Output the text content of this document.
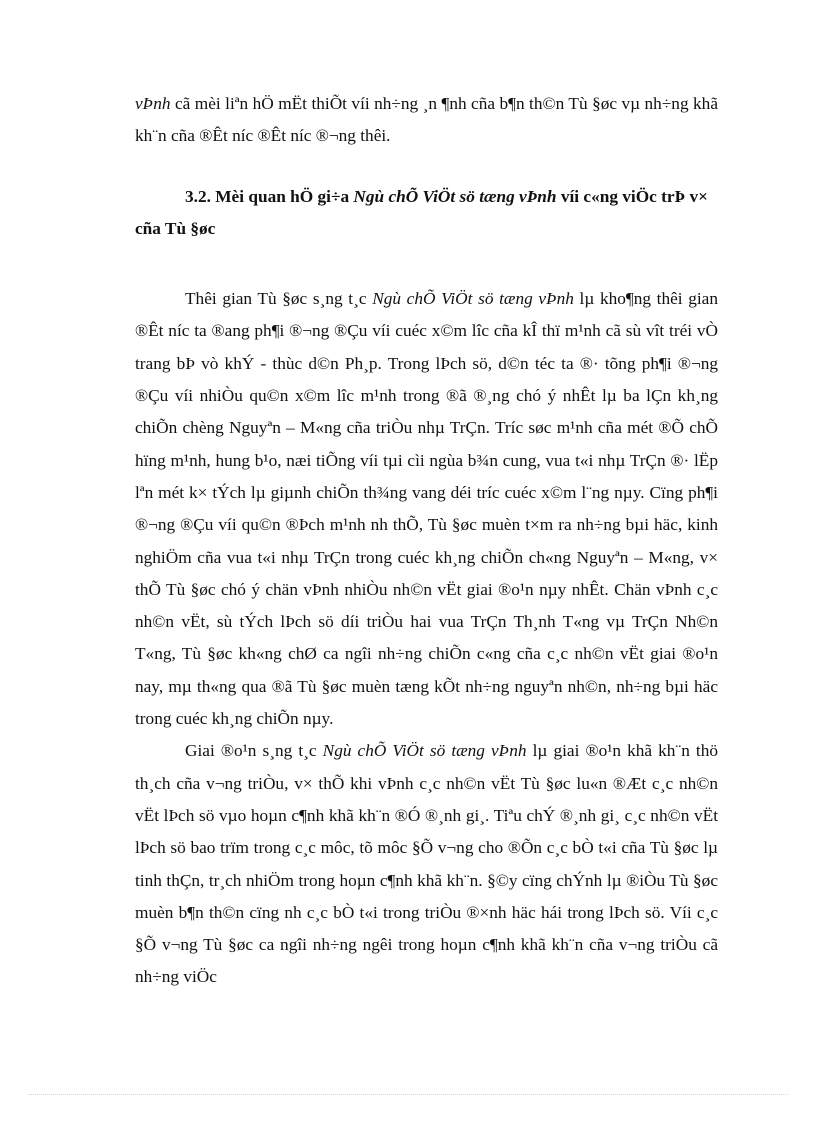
vÞnh cã mèi liªn hÖ mËt thiÕt víi nh÷ng ¸n ¶nh cña b¶n th©n Tù §øc vµ nh÷ng khã kh¨n cña ®Êt níc ®Êt níc ®¬ng thêi.

3.2. Mèi quan hÖ gi÷a Ngù chÕ ViÖt sö tæng vÞnh víi c«ng viÖc trÞ v× cña Tù §øc

Thêi gian Tù §øc s¸ng t¸c Ngù chÕ ViÖt sö tæng vÞnh lµ kho¶ng thêi gian ®Êt níc ta ®ang ph¶i ®¬ng ®Çu víi cuéc x©m lîc cña kÎ thï m¹nh cã sù vît tréi vÒ trang bÞ vò khÝ - thùc d©n Ph¸p. Trong lÞch sö, d©n téc ta ®· tõng ph¶i ®¬ng ®Çu víi nhiÒu qu©n x©m lîc m¹nh trong ®ã ®¸ng chó ý nhÊt lµ ba lÇn kh¸ng chiÕn chèng Nguyªn – M«ng cña triÒu nhµ TrÇn. Tríc søc m¹nh cña mét ®Õ chÕ hïng m¹nh, hung b¹o, næi tiÕng víi tµi cìi ngùa b¾n cung, vua t«i nhµ TrÇn ®· lËp lªn mét k× tÝch lµ giµnh chiÕn th¾ng vang déi tríc cuéc x©m l¨ng nµy. Cïng ph¶i ®¬ng ®Çu víi qu©n ®Þch m¹nh nh thÕ, Tù §øc muèn t×m ra nh÷ng bµi häc, kinh nghiÖm cña vua t«i nhµ TrÇn trong cuéc kh¸ng chiÕn ch«ng Nguyªn – M«ng, v× thÕ Tù §øc chó ý chän vÞnh nhiÒu nh©n vËt giai ®o¹n nµy nhÊt. Chän vÞnh c¸c nh©n vËt, sù tÝch lÞch sö díi triÒu hai vua TrÇn Th¸nh T«ng vµ TrÇn Nh©n T«ng, Tù §øc kh«ng chØ ca ngîi nh÷ng chiÕn c«ng cña c¸c nh©n vËt giai ®o¹n nay, mµ th«ng qua ®ã Tù §øc muèn tæng kÕt nh÷ng nguyªn nh©n, nh÷ng bµi häc trong cuéc kh¸ng chiÕn nµy.

Giai ®o¹n s¸ng t¸c Ngù chÕ ViÖt sö tæng vÞnh lµ giai ®o¹n khã kh¨n thö th¸ch cña v¬ng triÒu, v× thÕ khi vÞnh c¸c nh©n vËt Tù §øc lu«n ®Æt c¸c nh©n vËt lÞch sö vµo hoµn c¶nh khã kh¨n ®Ó ®¸nh gi¸. Tiªu chÝ ®¸nh gi¸ c¸c nh©n vËt lÞch sö bao trïm trong c¸c môc, tõ môc §Õ v¬ng cho ®Õn c¸c bÒ t«i cña Tù §øc lµ tinh thÇn, tr¸ch nhiÖm trong hoµn c¶nh khã kh¨n. §©y cïng chÝnh lµ ®iÒu Tù §øc muèn b¶n th©n cïng nh c¸c bÒ t«i trong triÒu ®×nh häc hái trong lÞch sö. Víi c¸c §Õ v¬ng Tù §øc ca ngîi nh÷ng ngêi trong hoµn c¶nh khã kh¨n cña v¬ng triÒu cã nh÷ng viÖc
